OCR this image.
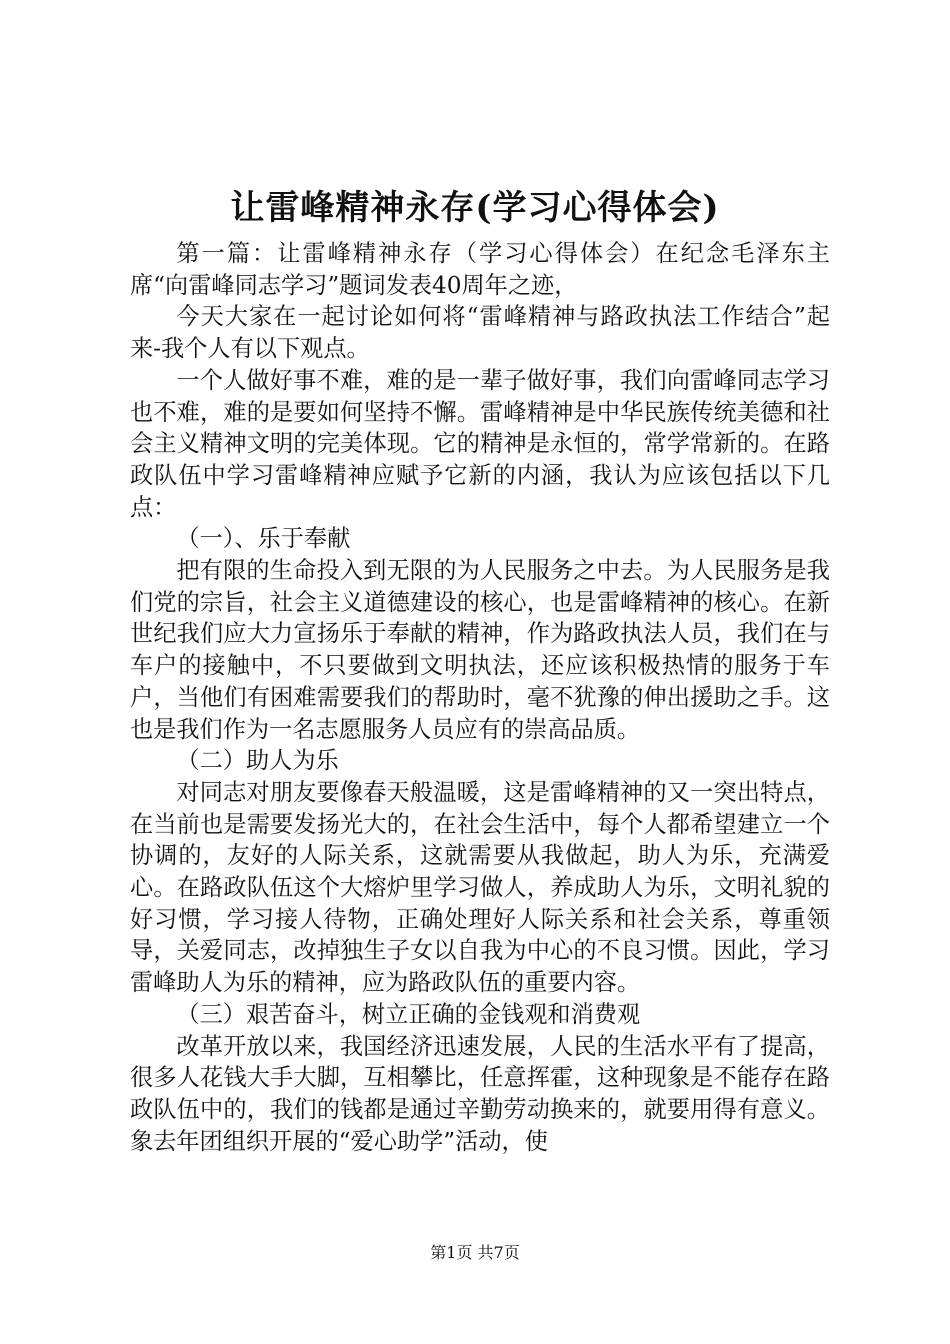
让雷峰精神永存(学习心得体会)

第一篇：让雷峰精神永存（学习心得体会）在纪念毛泽东主席“向雷峰同志学习”题词发表40周年之迹，

今天大家在一起讨论如何将“雷峰精神与路政执法工作结合”起来-我个人有以下观点。

一个人做好事不难，难的是一辈子做好事，我们向雷峰同志学习也不难，难的是要如何坚持不懈。雷峰精神是中华民族传统美德和社会主义精神文明的完美体现。它的精神是永恒的，常学常新的。在路政队伍中学习雷峰精神应赋予它新的内涵，我认为应该包括以下几点：

（一）、乐于奉献

把有限的生命投入到无限的为人民服务之中去。为人民服务是我们党的宗旨，社会主义道德建设的核心，也是雷峰精神的核心。在新世纪我们应大力宣扬乐于奉献的精神，作为路政执法人员，我们在与车户的接触中，不只要做到文明执法，还应该积极热情的服务于车户，当他们有困难需要我们的帮助时，毫不犹豫的伸出援助之手。这也是我们作为一名志愿服务人员应有的崇高品质。

（二）助人为乐

对同志对朋友要像春天般温暖，这是雷峰精神的又一突出特点，在当前也是需要发扬光大的，在社会生活中，每个人都希望建立一个协调的，友好的人际关系，这就需要从我做起，助人为乐，充满爱心。在路政队伍这个大熔炉里学习做人，养成助人为乐，文明礼貌的好习惯，学习接人待物，正确处理好人际关系和社会关系，尊重领导，关爱同志，改掉独生子女以自我为中心的不良习惯。因此，学习雷峰助人为乐的精神，应为路政队伍的重要内容。

（三）艰苦奋斗，树立正确的金钱观和消费观

改革开放以来，我国经济迅速发展，人民的生活水平有了提高，很多人花钱大手大脚，互相攀比，任意挥霍，这种现象是不能存在路政队伍中的，我们的钱都是通过辛勤劳动换来的，就要用得有意义。象去年团组织开展的“爱心助学”活动，使

第1页 共7页
